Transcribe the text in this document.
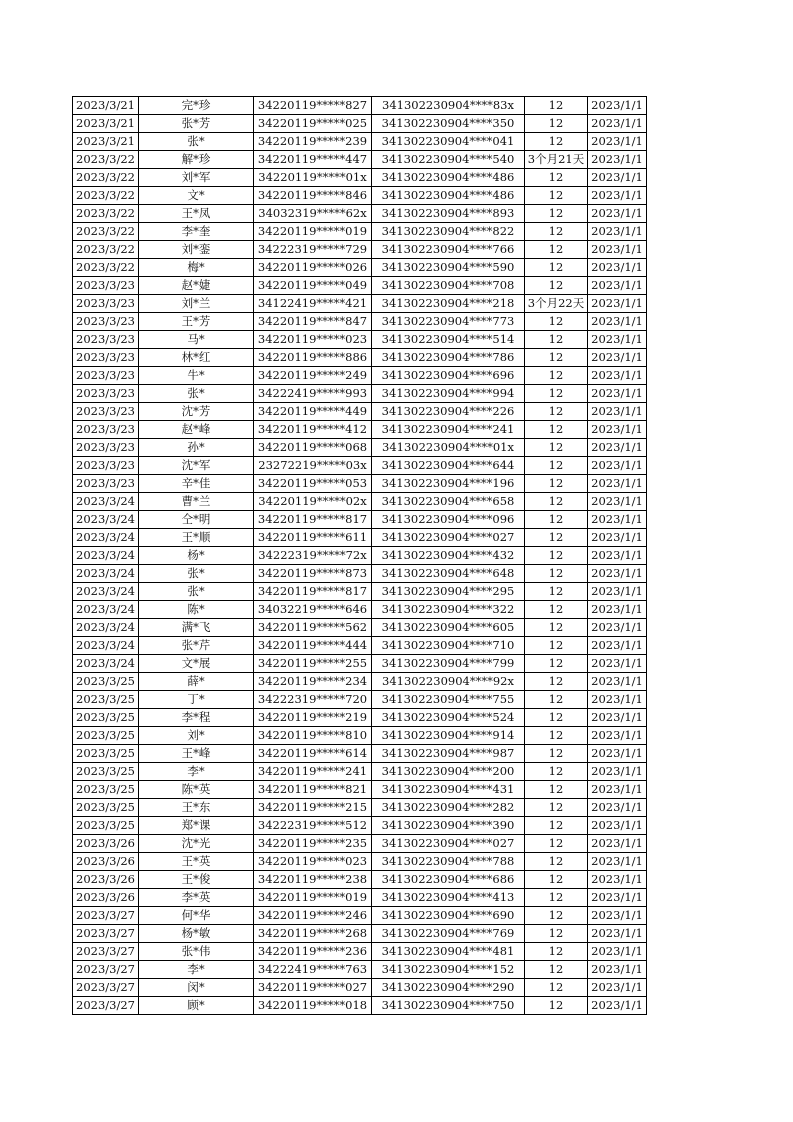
2023/3/21	完*珍	34220119*****827	341302230904****83x	12	2023/1/1
2023/3/21	张*芳	34220119*****025	341302230904****350	12	2023/1/1
2023/3/21	张*	34220119*****239	341302230904****041	12	2023/1/1
2023/3/22	解*珍	34220119*****447	341302230904****540	3个月21天	2023/1/1
2023/3/22	刘*军	34220119*****01x	341302230904****486	12	2023/1/1
2023/3/22	文*	34220119*****846	341302230904****486	12	2023/1/1
2023/3/22	王*凤	34032319*****62x	341302230904****893	12	2023/1/1
2023/3/22	李*奎	34220119*****019	341302230904****822	12	2023/1/1
2023/3/22	刘*銮	34222319*****729	341302230904****766	12	2023/1/1
2023/3/22	梅*	34220119*****026	341302230904****590	12	2023/1/1
2023/3/23	赵*婕	34220119*****049	341302230904****708	12	2023/1/1
2023/3/23	刘*兰	34122419*****421	341302230904****218	3个月22天	2023/1/1
2023/3/23	王*芳	34220119*****847	341302230904****773	12	2023/1/1
2023/3/23	马*	34220119*****023	341302230904****514	12	2023/1/1
2023/3/23	林*红	34220119*****886	341302230904****786	12	2023/1/1
2023/3/23	牛*	34220119*****249	341302230904****696	12	2023/1/1
2023/3/23	张*	34222419*****993	341302230904****994	12	2023/1/1
2023/3/23	沈*芳	34220119*****449	341302230904****226	12	2023/1/1
2023/3/23	赵*峰	34220119*****412	341302230904****241	12	2023/1/1
2023/3/23	孙*	34220119*****068	341302230904****01x	12	2023/1/1
2023/3/23	沈*军	23272219*****03x	341302230904****644	12	2023/1/1
2023/3/23	辛*佳	34220119*****053	341302230904****196	12	2023/1/1
2023/3/24	曹*兰	34220119*****02x	341302230904****658	12	2023/1/1
2023/3/24	仝*明	34220119*****817	341302230904****096	12	2023/1/1
2023/3/24	王*顺	34220119*****611	341302230904****027	12	2023/1/1
2023/3/24	杨*	34222319*****72x	341302230904****432	12	2023/1/1
2023/3/24	张*	34220119*****873	341302230904****648	12	2023/1/1
2023/3/24	张*	34220119*****817	341302230904****295	12	2023/1/1
2023/3/24	陈*	34032219*****646	341302230904****322	12	2023/1/1
2023/3/24	满*飞	34220119*****562	341302230904****605	12	2023/1/1
2023/3/24	张*芹	34220119*****444	341302230904****710	12	2023/1/1
2023/3/24	文*展	34220119*****255	341302230904****799	12	2023/1/1
2023/3/25	薛*	34220119*****234	341302230904****92x	12	2023/1/1
2023/3/25	丁*	34222319*****720	341302230904****755	12	2023/1/1
2023/3/25	李*程	34220119*****219	341302230904****524	12	2023/1/1
2023/3/25	刘*	34220119*****810	341302230904****914	12	2023/1/1
2023/3/25	王*峰	34220119*****614	341302230904****987	12	2023/1/1
2023/3/25	李*	34220119*****241	341302230904****200	12	2023/1/1
2023/3/25	陈*英	34220119*****821	341302230904****431	12	2023/1/1
2023/3/25	王*东	34220119*****215	341302230904****282	12	2023/1/1
2023/3/25	郑*课	34222319*****512	341302230904****390	12	2023/1/1
2023/3/26	沈*光	34220119*****235	341302230904****027	12	2023/1/1
2023/3/26	王*英	34220119*****023	341302230904****788	12	2023/1/1
2023/3/26	王*俊	34220119*****238	341302230904****686	12	2023/1/1
2023/3/26	李*英	34220119*****019	341302230904****413	12	2023/1/1
2023/3/27	何*华	34220119*****246	341302230904****690	12	2023/1/1
2023/3/27	杨*敏	34220119*****268	341302230904****769	12	2023/1/1
2023/3/27	张*伟	34220119*****236	341302230904****481	12	2023/1/1
2023/3/27	李*	34222419*****763	341302230904****152	12	2023/1/1
2023/3/27	闵*	34220119*****027	341302230904****290	12	2023/1/1
2023/3/27	顾*	34220119*****018	341302230904****750	12	2023/1/1
